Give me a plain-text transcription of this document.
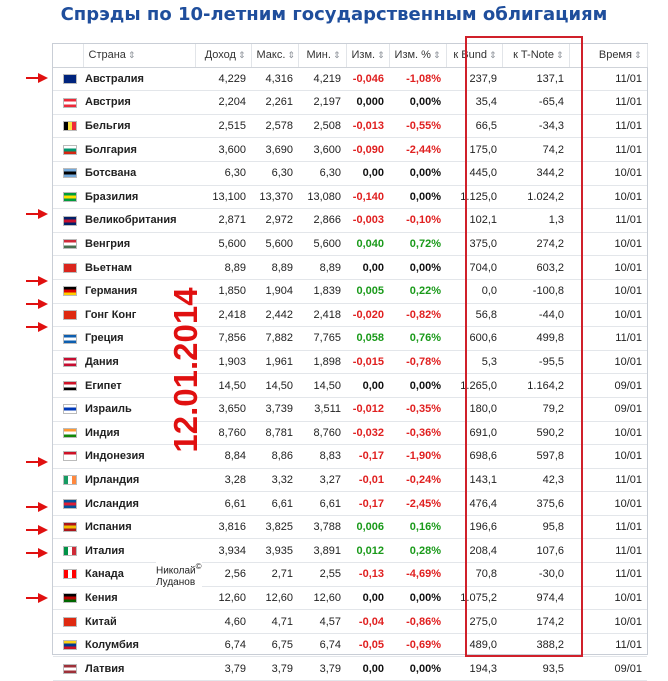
Спрэды по 10-летним государственным облигациям
	Страна ⇕	Доход ⇕	Макс. ⇕	Мин. ⇕	Изм. ⇕	Изм. % ⇕	к Bund ⇕	к T-Note ⇕	Время ⇕
	Австралия	4,229	4,316	4,219	-0,046	-1,08%	237,9	137,1	11/01
	Австрия	2,204	2,261	2,197	0,000	0,00%	35,4	-65,4	11/01
	Бельгия	2,515	2,578	2,508	-0,013	-0,55%	66,5	-34,3	11/01
	Болгария	3,600	3,690	3,600	-0,090	-2,44%	175,0	74,2	11/01
	Ботсвана	6,30	6,30	6,30	0,00	0,00%	445,0	344,2	10/01
	Бразилия	13,100	13,370	13,080	-0,140	0,00%	1.125,0	1.024,2	10/01
	Великобритания	2,871	2,972	2,866	-0,003	-0,10%	102,1	1,3	11/01
	Венгрия	5,600	5,600	5,600	0,040	0,72%	375,0	274,2	10/01
	Вьетнам	8,89	8,89	8,89	0,00	0,00%	704,0	603,2	10/01
	Германия	1,850	1,904	1,839	0,005	0,22%	0,0	-100,8	10/01
	Гонг Конг	2,418	2,442	2,418	-0,020	-0,82%	56,8	-44,0	10/01
	Греция	7,856	7,882	7,765	0,058	0,76%	600,6	499,8	11/01
	Дания	1,903	1,961	1,898	-0,015	-0,78%	5,3	-95,5	10/01
	Египет	14,50	14,50	14,50	0,00	0,00%	1.265,0	1.164,2	09/01
	Израиль	3,650	3,739	3,511	-0,012	-0,35%	180,0	79,2	09/01
	Индия	8,760	8,781	8,760	-0,032	-0,36%	691,0	590,2	10/01
	Индонезия	8,84	8,86	8,83	-0,17	-1,90%	698,6	597,8	10/01
	Ирландия	3,28	3,32	3,27	-0,01	-0,24%	143,1	42,3	11/01
	Исландия	6,61	6,61	6,61	-0,17	-2,45%	476,4	375,6	10/01
	Испания	3,816	3,825	3,788	0,006	0,16%	196,6	95,8	11/01
	Италия	3,934	3,935	3,891	0,012	0,28%	208,4	107,6	11/01
	Канада	2,56	2,71	2,55	-0,13	-4,69%	70,8	-30,0	11/01
	Кения	12,60	12,60	12,60	0,00	0,00%	1.075,2	974,4	10/01
	Китай	4,60	4,71	4,57	-0,04	-0,86%	275,0	174,2	10/01
	Колумбия	6,74	6,75	6,74	-0,05	-0,69%	489,0	388,2	11/01
	Латвия	3,79	3,79	3,79	0,00	0,00%	194,3	93,5	09/01
12.01.2014
Николай©
Луданов
